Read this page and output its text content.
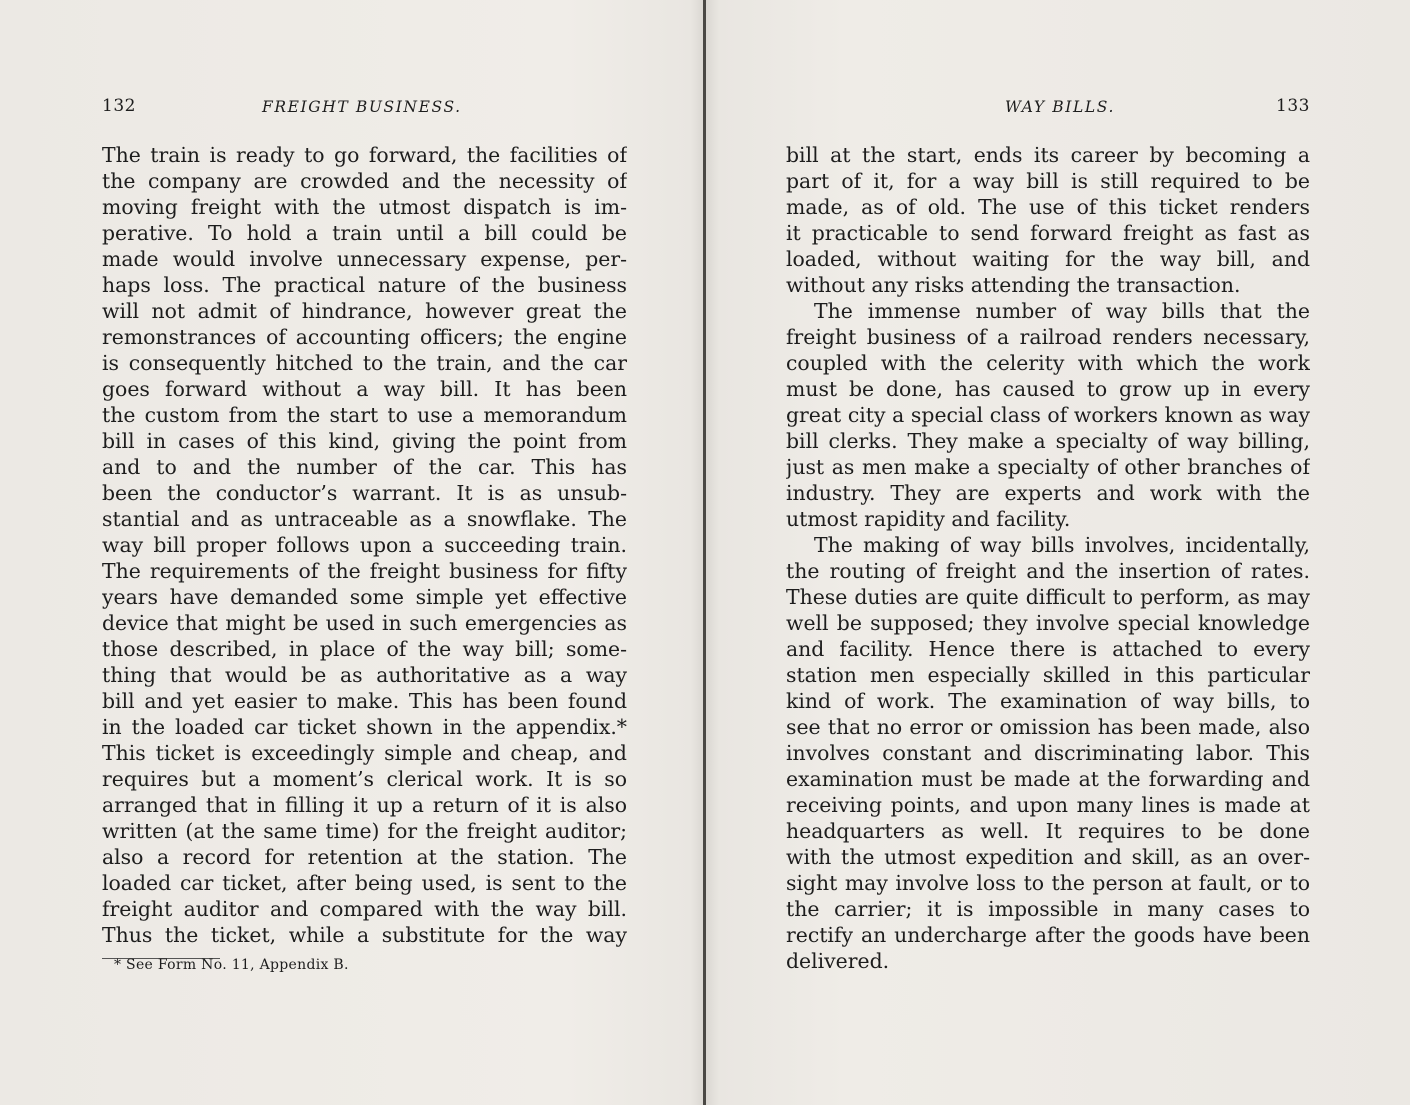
132	FREIGHT BUSINESS.
The train is ready to go forward, the facilities of
the company are crowded and the necessity of
moving freight with the utmost dispatch is im-
perative. To hold a train until a bill could be
made would involve unnecessary expense, per-
haps loss. The practical nature of the business
will not admit of hindrance, however great the
remonstrances of accounting officers; the engine
is consequently hitched to the train, and the car
goes forward without a way bill. It has been
the custom from the start to use a memorandum
bill in cases of this kind, giving the point from
and to and the number of the car. This has
been the conductor’s warrant. It is as unsub-
stantial and as untraceable as a snowflake. The
way bill proper follows upon a succeeding train.
The requirements of the freight business for fifty
years have demanded some simple yet effective
device that might be used in such emergencies as
those described, in place of the way bill; some-
thing that would be as authoritative as a way
bill and yet easier to make. This has been found
in the loaded car ticket shown in the appendix.*
This ticket is exceedingly simple and cheap, and
requires but a moment’s clerical work. It is so
arranged that in filling it up a return of it is also
written (at the same time) for the freight auditor;
also a record for retention at the station. The
loaded car ticket, after being used, is sent to the
freight auditor and compared with the way bill.
Thus the ticket, while a substitute for the way
* See Form No. 11, Appendix B.
WAY BILLS.	133
bill at the start, ends its career by becoming a
part of it, for a way bill is still required to be
made, as of old. The use of this ticket renders
it practicable to send forward freight as fast as
loaded, without waiting for the way bill, and
without any risks attending the transaction.
The immense number of way bills that the
freight business of a railroad renders necessary,
coupled with the celerity with which the work
must be done, has caused to grow up in every
great city a special class of workers known as way
bill clerks. They make a specialty of way billing,
just as men make a specialty of other branches of
industry. They are experts and work with the
utmost rapidity and facility.
The making of way bills involves, incidentally,
the routing of freight and the insertion of rates.
These duties are quite difficult to perform, as may
well be supposed; they involve special knowledge
and facility. Hence there is attached to every
station men especially skilled in this particular
kind of work. The examination of way bills, to
see that no error or omission has been made, also
involves constant and discriminating labor. This
examination must be made at the forwarding and
receiving points, and upon many lines is made at
headquarters as well. It requires to be done
with the utmost expedition and skill, as an over-
sight may involve loss to the person at fault, or to
the carrier; it is impossible in many cases to
rectify an undercharge after the goods have been
delivered.
